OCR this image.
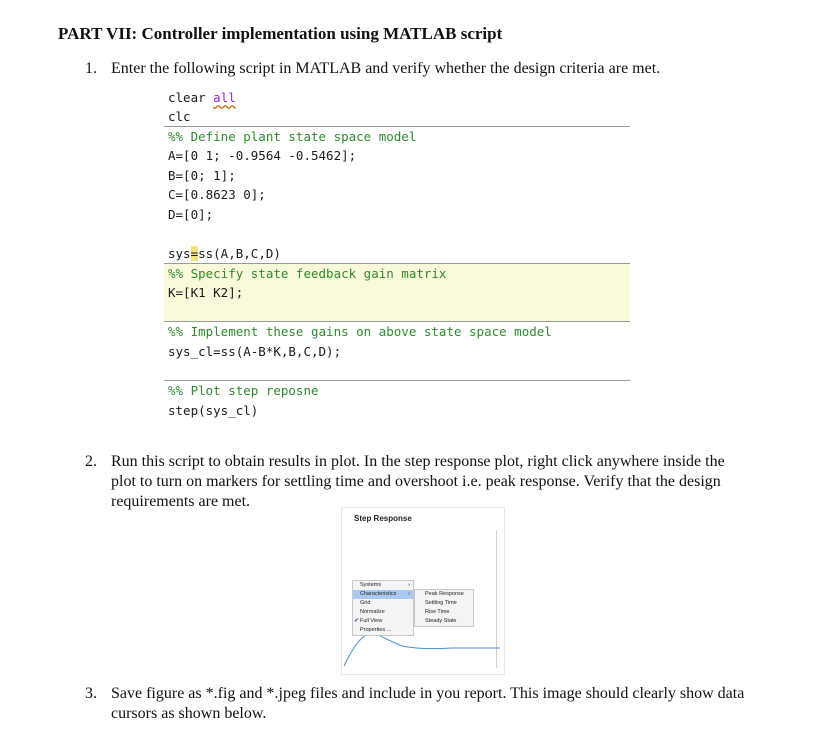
PART VII: Controller implementation using MATLAB script
1. Enter the following script in MATLAB and verify whether the design criteria are met.
clear all
clc
%% Define plant state space model
A=[0 1; -0.9564 -0.5462];
B=[0; 1];
C=[0.8623 0];
D=[0];
sys=ss(A,B,C,D)
%% Specify state feedback gain matrix
K=[K1 K2];
%% Implement these gains on above state space model
sys_cl=ss(A-B*K,B,C,D);
%% Plot step reposne
step(sys_cl)
2. Run this script to obtain results in plot. In the step response plot, right click anywhere inside the plot to turn on markers for settling time and overshoot i.e. peak response. Verify that the design requirements are met.
Step Response
Systems	›
Characteristics ›
Grid
Normalize
✔ Full View
Properties ...
Peak Response
Settling Time
Rise Time
Steady State
3. Save figure as *.fig and *.jpeg files and include in you report. This image should clearly show data cursors as shown below.
